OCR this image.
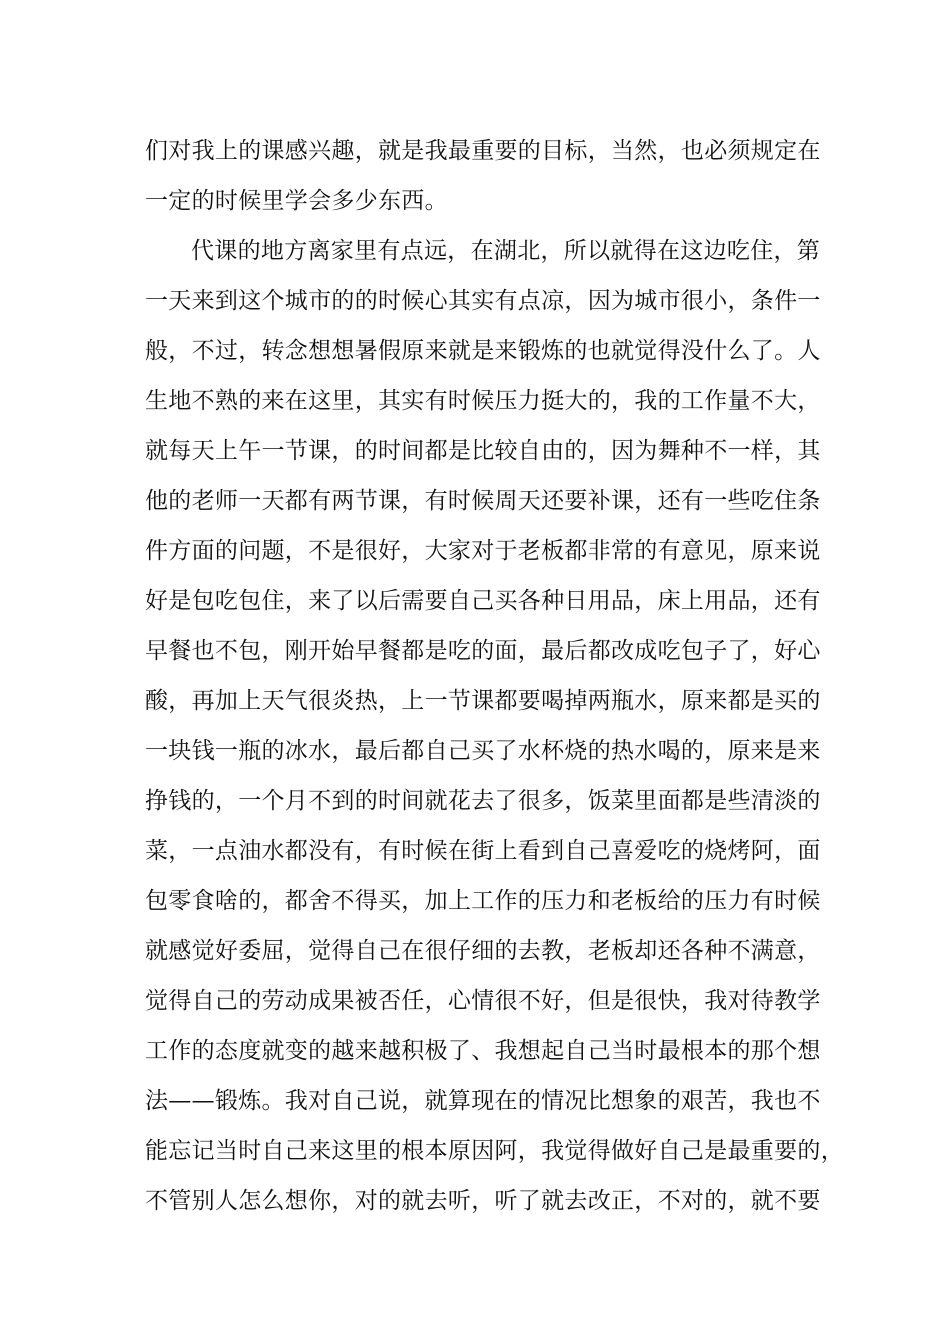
们对我上的课感兴趣，就是我最重要的目标，当然，也必须规定在
一定的时候里学会多少东西。
代课的地方离家里有点远，在湖北，所以就得在这边吃住，第
一天来到这个城市的的时候心其实有点凉，因为城市很小，条件一
般，不过，转念想想暑假原来就是来锻炼的也就觉得没什么了。人
生地不熟的来在这里，其实有时候压力挺大的，我的工作量不大，
就每天上午一节课，的时间都是比较自由的，因为舞种不一样，其
他的老师一天都有两节课，有时候周天还要补课，还有一些吃住条
件方面的问题，不是很好，大家对于老板都非常的有意见，原来说
好是包吃包住，来了以后需要自己买各种日用品，床上用品，还有
早餐也不包，刚开始早餐都是吃的面，最后都改成吃包子了，好心
酸，再加上天气很炎热，上一节课都要喝掉两瓶水，原来都是买的
一块钱一瓶的冰水，最后都自己买了水杯烧的热水喝的，原来是来
挣钱的，一个月不到的时间就花去了很多，饭菜里面都是些清淡的
菜，一点油水都没有，有时候在街上看到自己喜爱吃的烧烤阿，面
包零食啥的，都舍不得买，加上工作的压力和老板给的压力有时候
就感觉好委屈，觉得自己在很仔细的去教，老板却还各种不满意，
觉得自己的劳动成果被否任，心情很不好，但是很快，我对待教学
工作的态度就变的越来越积极了、我想起自己当时最根本的那个想
法——锻炼。我对自己说，就算现在的情况比想象的艰苦，我也不
能忘记当时自己来这里的根本原因阿，我觉得做好自己是最重要的，
不管别人怎么想你，对的就去听，听了就去改正，不对的，就不要
